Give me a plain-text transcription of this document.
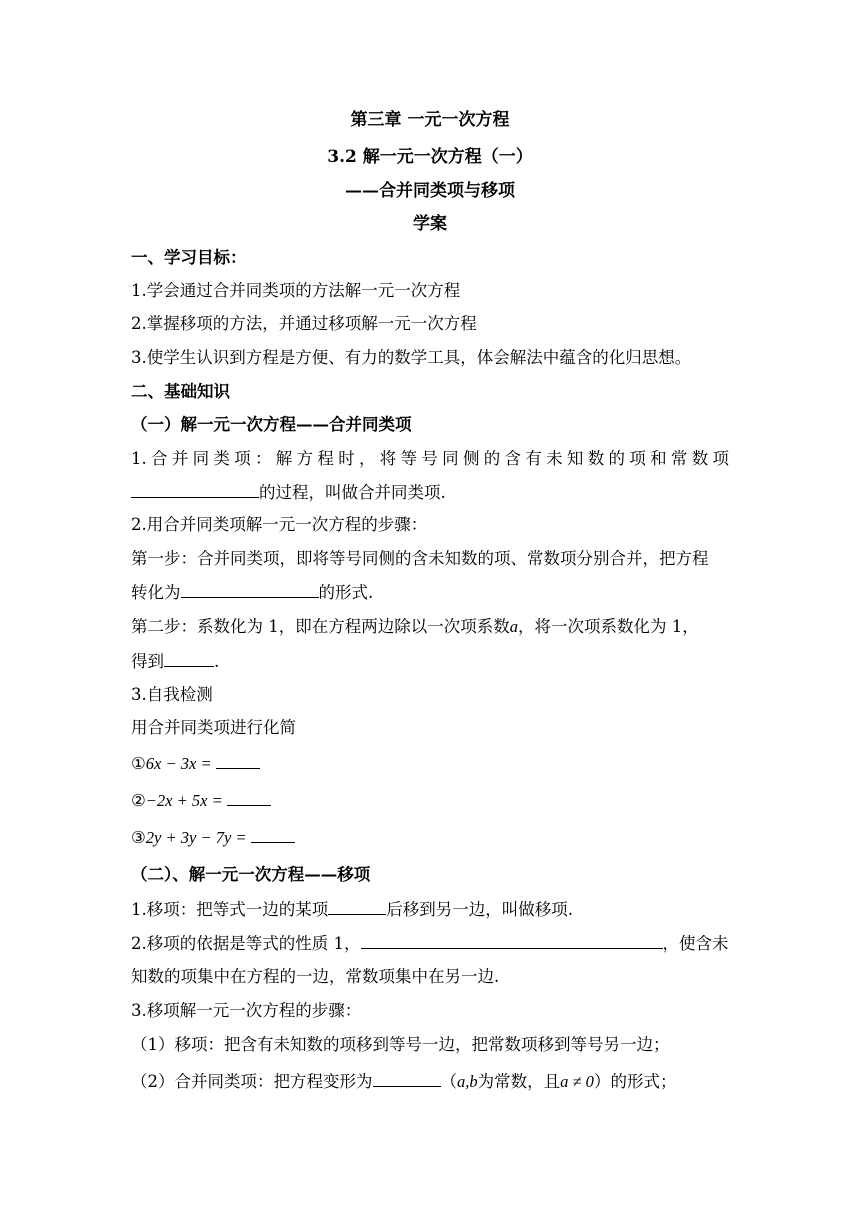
第三章 一元一次方程
3.2 解一元一次方程（一）
——合并同类项与移项
学案
一、学习目标：
1.学会通过合并同类项的方法解一元一次方程
2.掌握移项的方法，并通过移项解一元一次方程
3.使学生认识到方程是方便、有力的数学工具，体会解法中蕴含的化归思想。
二、基础知识
（一）解一元一次方程——合并同类项
1.合并同类项：解方程时，将等号同侧的含有未知数的项和常数项
的过程，叫做合并同类项.
2.用合并同类项解一元一次方程的步骤：
第一步：合并同类项，即将等号同侧的含未知数的项、常数项分别合并，把方程
转化为	的形式.
第二步：系数化为 1，即在方程两边除以一次项系数a，将一次项系数化为 1，
得到	.
3.自我检测
用合并同类项进行化简
①6x − 3x =
②−2x + 5x =
③2y + 3y − 7y =
（二）、解一元一次方程——移项
1.移项：把等式一边的某项	后移到另一边，叫做移项.
2.移项的依据是等式的性质 1，	，使含未
知数的项集中在方程的一边，常数项集中在另一边.
3.移项解一元一次方程的步骤：
（1）移项：把含有未知数的项移到等号一边，把常数项移到等号另一边；
（2）合并同类项：把方程变形为	（a,b为常数，且a ≠ 0）的形式；
